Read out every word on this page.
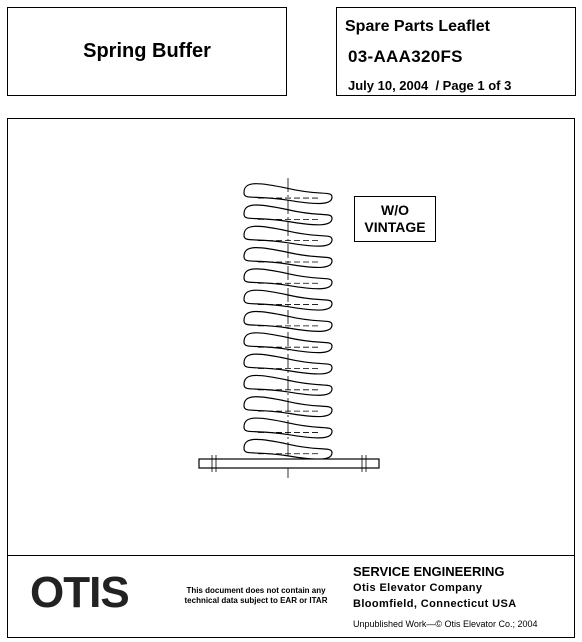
Spring Buffer
Spare Parts Leaflet
03-AAA320FS
July 10, 2004  / Page 1 of 3
W/O
VINTAGE
OTIS	This document does not contain any
technical data subject to EAR or ITAR
SERVICE ENGINEERING
Otis Elevator Company
Bloomfield, Connecticut USA
Unpublished Work—© Otis Elevator Co.; 2004
